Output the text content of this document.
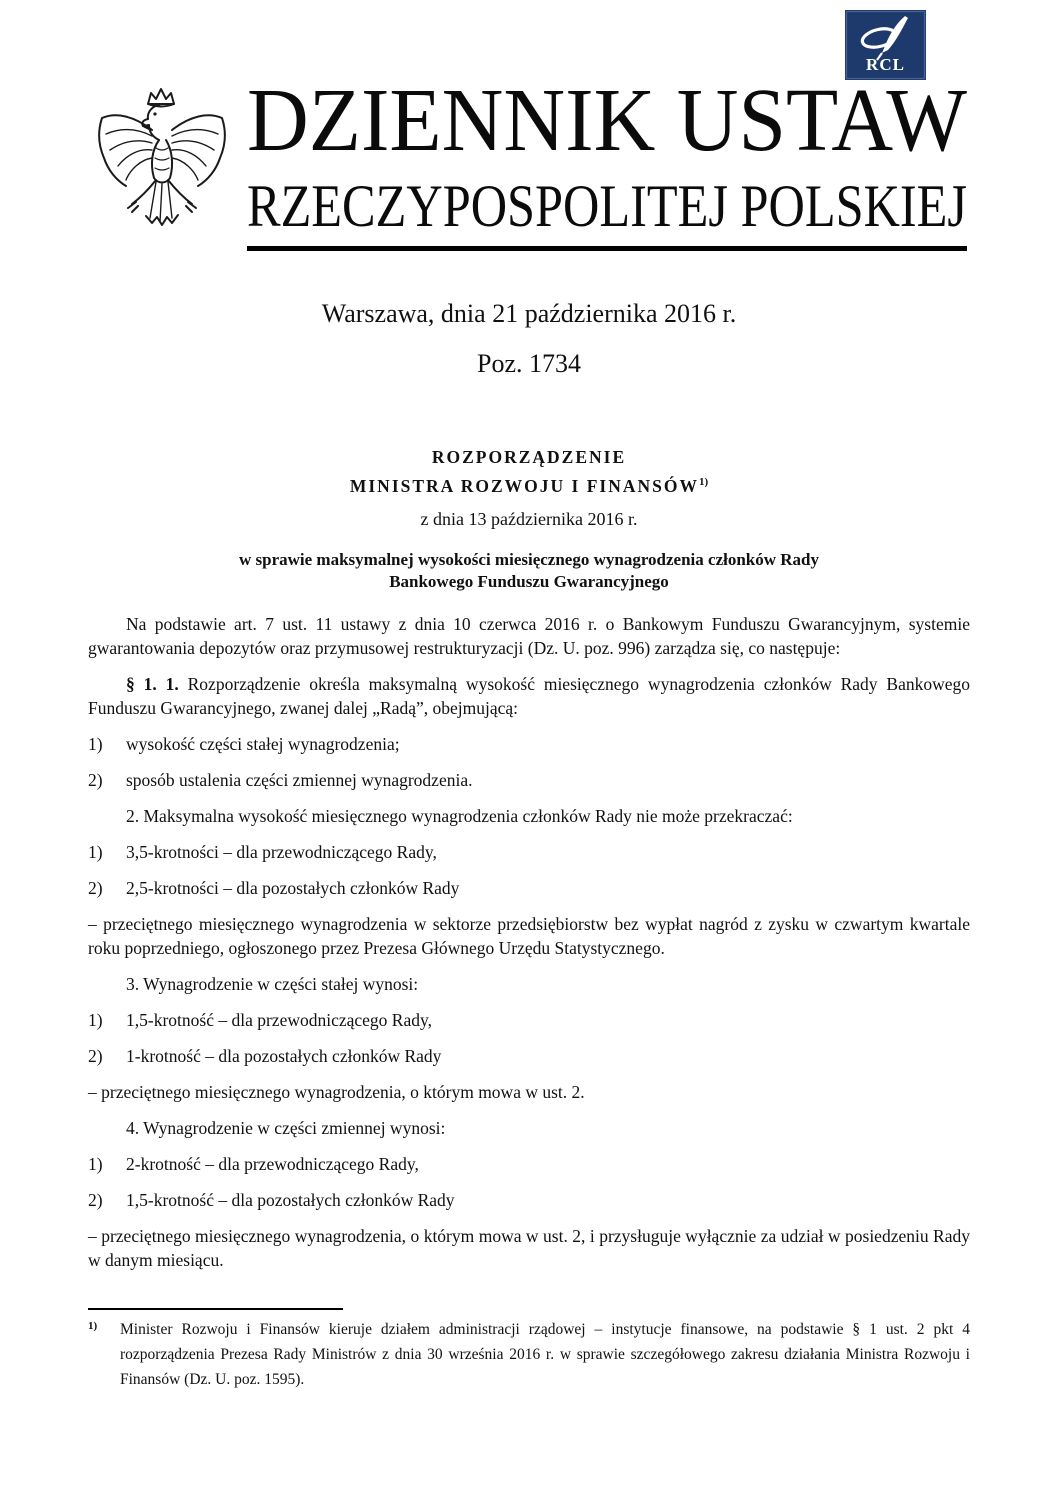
RCL
DZIENNIK USTAW
RZECZYPOSPOLITEJ POLSKIEJ
Warszawa, dnia 21 października 2016 r.
Poz. 1734
ROZPORZĄDZENIE
MINISTRA ROZWOJU I FINANSÓW$^{1)}$
z dnia 13 października 2016 r.
w sprawie maksymalnej wysokości miesięcznego wynagrodzenia członków Rady
Bankowego Funduszu Gwarancyjnego

Na podstawie art. 7 ust. 11 ustawy z dnia 10 czerwca 2016 r. o Bankowym Funduszu Gwarancyjnym, systemie gwarantowania depozytów oraz przymusowej restrukturyzacji (Dz. U. poz. 996) zarządza się, co następuje:

§ 1. 1. Rozporządzenie określa maksymalną wysokość miesięcznego wynagrodzenia członków Rady Bankowego Funduszu Gwarancyjnego, zwanej dalej „Radą”, obejmującą:

1)	wysokość części stałej wynagrodzenia;
2)	sposób ustalenia części zmiennej wynagrodzenia.

2. Maksymalna wysokość miesięcznego wynagrodzenia członków Rady nie może przekraczać:

1)	3,5-krotności – dla przewodniczącego Rady,
2)	2,5-krotności – dla pozostałych członków Rady

– przeciętnego miesięcznego wynagrodzenia w sektorze przedsiębiorstw bez wypłat nagród z zysku w czwartym kwartale roku poprzedniego, ogłoszonego przez Prezesa Głównego Urzędu Statystycznego.

3. Wynagrodzenie w części stałej wynosi:

1)	1,5-krotność – dla przewodniczącego Rady,
2)	1-krotność – dla pozostałych członków Rady

– przeciętnego miesięcznego wynagrodzenia, o którym mowa w ust. 2.

4. Wynagrodzenie w części zmiennej wynosi:

1)	2-krotność – dla przewodniczącego Rady,
2)	1,5-krotność – dla pozostałych członków Rady

– przeciętnego miesięcznego wynagrodzenia, o którym mowa w ust. 2, i przysługuje wyłącznie za udział w posiedzeniu Rady w danym miesiącu.

1) Minister Rozwoju i Finansów kieruje działem administracji rządowej – instytucje finansowe, na podstawie § 1 ust. 2 pkt 4 rozporządzenia Prezesa Rady Ministrów z dnia 30 września 2016 r. w sprawie szczegółowego zakresu działania Ministra Rozwoju i Finansów (Dz. U. poz. 1595).
